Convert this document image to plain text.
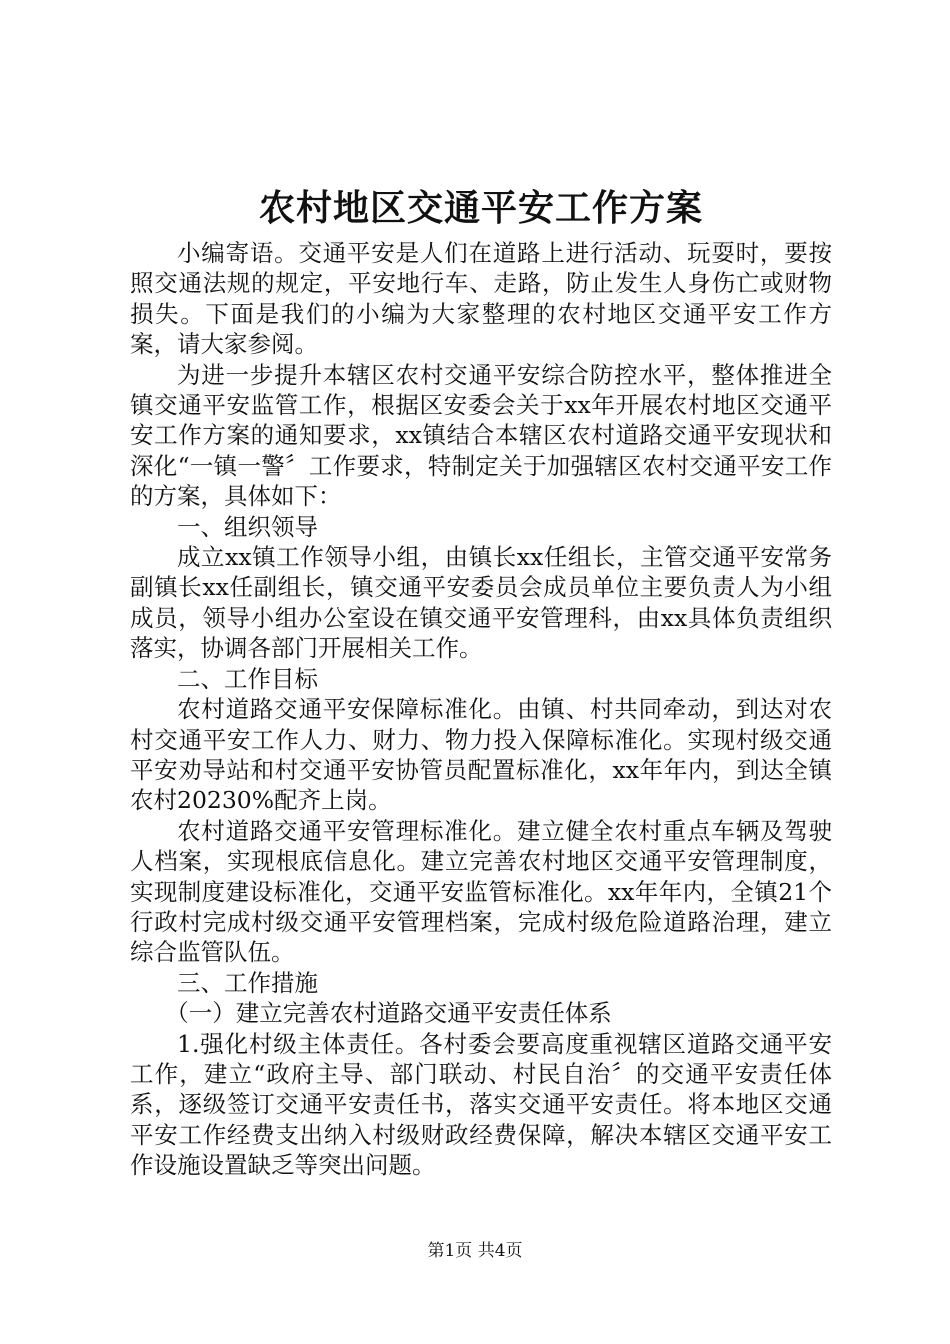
农村地区交通平安工作方案

小编寄语。交通平安是人们在道路上进行活动、玩耍时，要按照交通法规的规定，平安地行车、走路，防止发生人身伤亡或财物损失。下面是我们的小编为大家整理的农村地区交通平安工作方案，请大家参阅。

为进一步提升本辖区农村交通平安综合防控水平，整体推进全镇交通平安监管工作，根据区安委会关于xx年开展农村地区交通平安工作方案的通知要求，xx镇结合本辖区农村道路交通平安现状和深化“一镇一警〞工作要求，特制定关于加强辖区农村交通平安工作的方案，具体如下：

一、组织领导

成立xx镇工作领导小组，由镇长xx任组长，主管交通平安常务副镇长xx任副组长，镇交通平安委员会成员单位主要负责人为小组成员，领导小组办公室设在镇交通平安管理科，由xx具体负责组织落实，协调各部门开展相关工作。

二、工作目标

农村道路交通平安保障标准化。由镇、村共同牵动，到达对农村交通平安工作人力、财力、物力投入保障标准化。实现村级交通平安劝导站和村交通平安协管员配置标准化，xx年年内，到达全镇农村20230%配齐上岗。

农村道路交通平安管理标准化。建立健全农村重点车辆及驾驶人档案，实现根底信息化。建立完善农村地区交通平安管理制度，实现制度建设标准化，交通平安监管标准化。xx年年内，全镇21个行政村完成村级交通平安管理档案，完成村级危险道路治理，建立综合监管队伍。

三、工作措施

（一）建立完善农村道路交通平安责任体系

1.强化村级主体责任。各村委会要高度重视辖区道路交通平安工作，建立“政府主导、部门联动、村民自治〞的交通平安责任体系，逐级签订交通平安责任书，落实交通平安责任。将本地区交通平安工作经费支出纳入村级财政经费保障，解决本辖区交通平安工作设施设置缺乏等突出问题。

第1页 共4页
